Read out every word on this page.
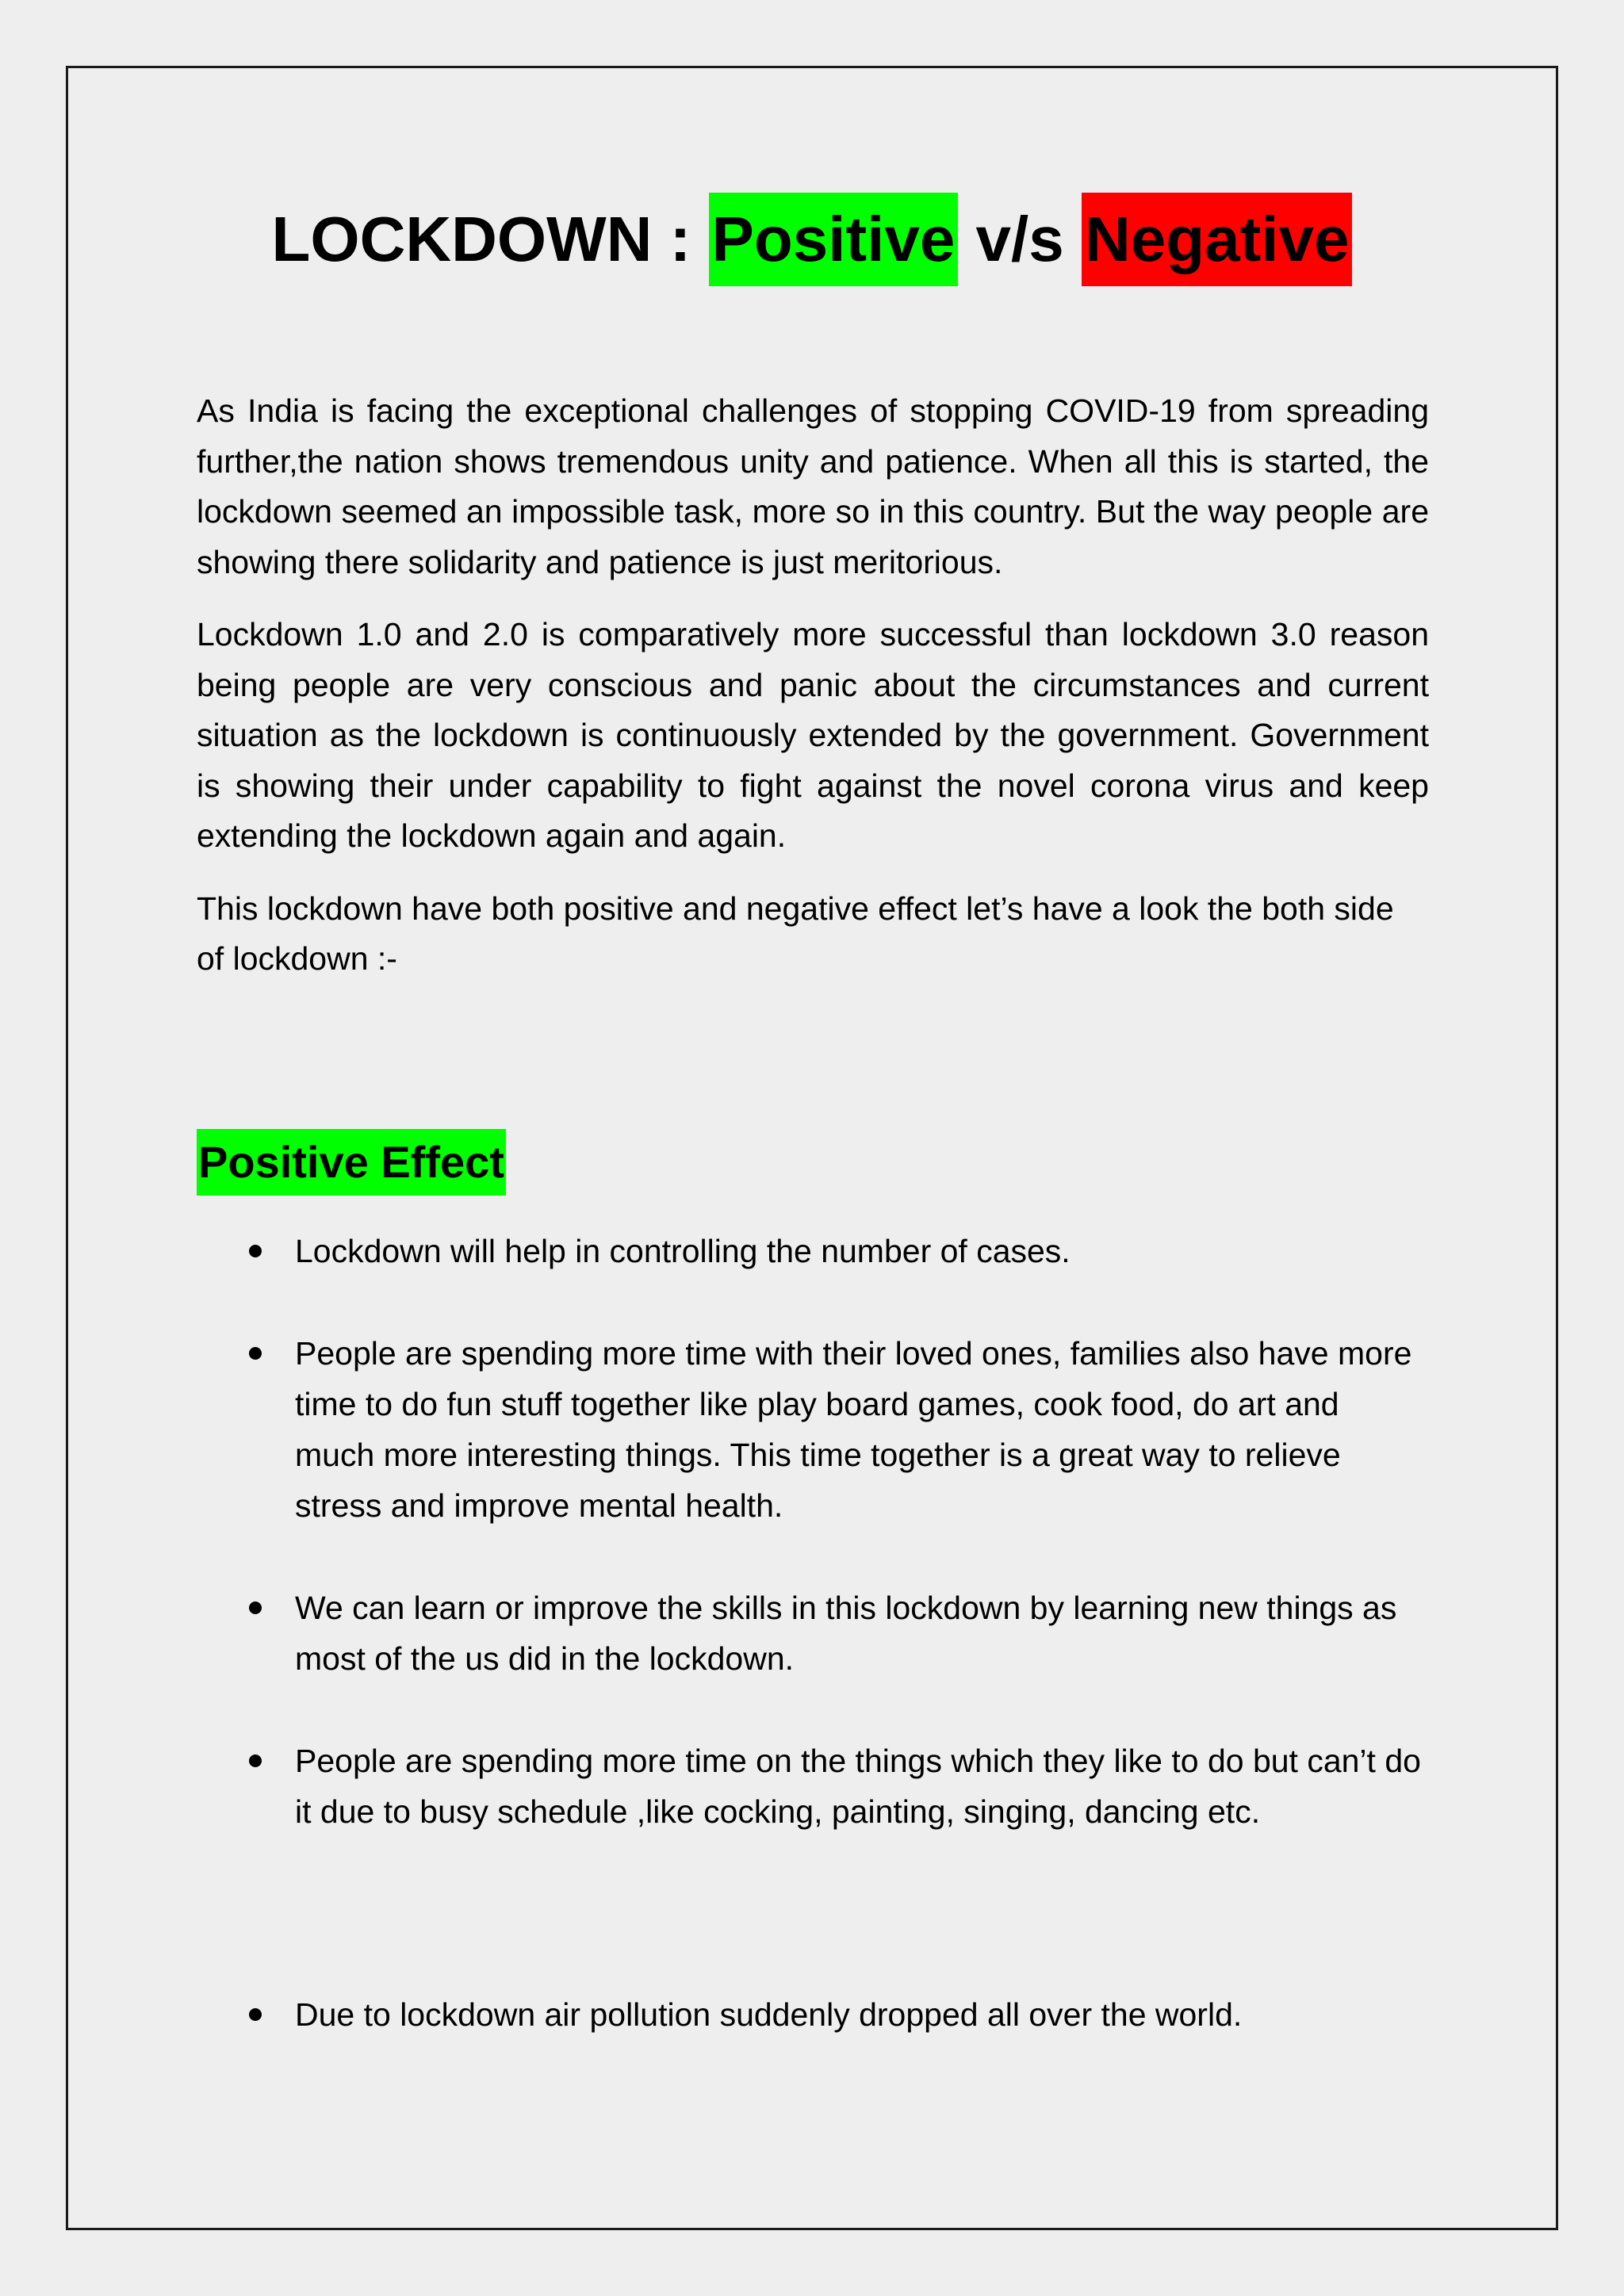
LOCKDOWN : Positive v/s Negative

As India is facing the exceptional challenges of stopping COVID-19 from spreading further,the nation shows tremendous unity and patience. When all this is started, the lockdown seemed an impossible task, more so in this country. But the way people are showing there solidarity and patience is just meritorious.

Lockdown 1.0 and 2.0 is comparatively more successful than lockdown 3.0 reason being people are very conscious and panic about the circumstances and current situation as the lockdown is continuously extended by the government. Government is showing their under capability to fight against the novel corona virus and keep extending the lockdown again and again.

This lockdown have both positive and negative effect let’s have a look the both side of lockdown :-

Positive Effect
Lockdown will help in controlling the number of cases.
People are spending more time with their loved ones, families also have more time to do fun stuff together like play board games, cook food, do art and much more interesting things. This time together is a great way to relieve stress and improve mental health.
We can learn or improve the skills in this lockdown by learning new things as most of the us did in the lockdown.
People are spending more time on the things which they like to do but can’t do it due to busy schedule ,like cocking, painting, singing, dancing etc.
Due to lockdown air pollution suddenly dropped all over the world.
